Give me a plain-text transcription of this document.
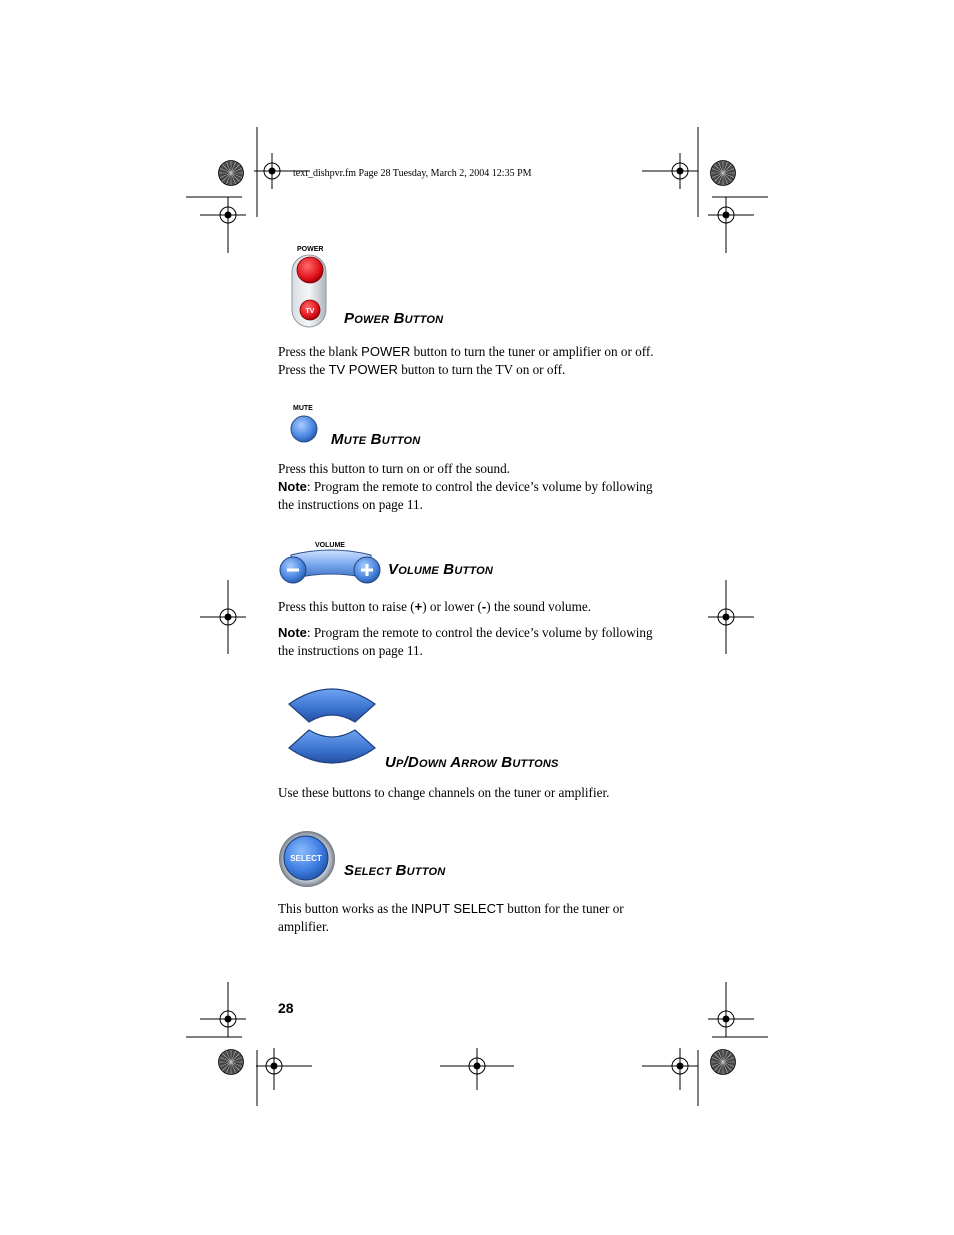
text_dishpvr.fm Page 28 Tuesday, March 2, 2004 12:35 PM
POWER
TV Power Button
Press the blank POWER button to turn the tuner or amplifier on or off.
Press the TV POWER button to turn the TV on or off.
MUTE
Mute Button
Press this button to turn on or off the sound.
Note: Program the remote to control the device’s volume by following
the instructions on page 11.
VOLUME
Volume Button
Press this button to raise (+) or lower (-) the sound volume.
Note: Program the remote to control the device’s volume by following
the instructions on page 11.
Up/Down Arrow Buttons
Use these buttons to change channels on the tuner or amplifier.
SELECT
Select Button
This button works as the INPUT SELECT button for the tuner or
amplifier.
28
